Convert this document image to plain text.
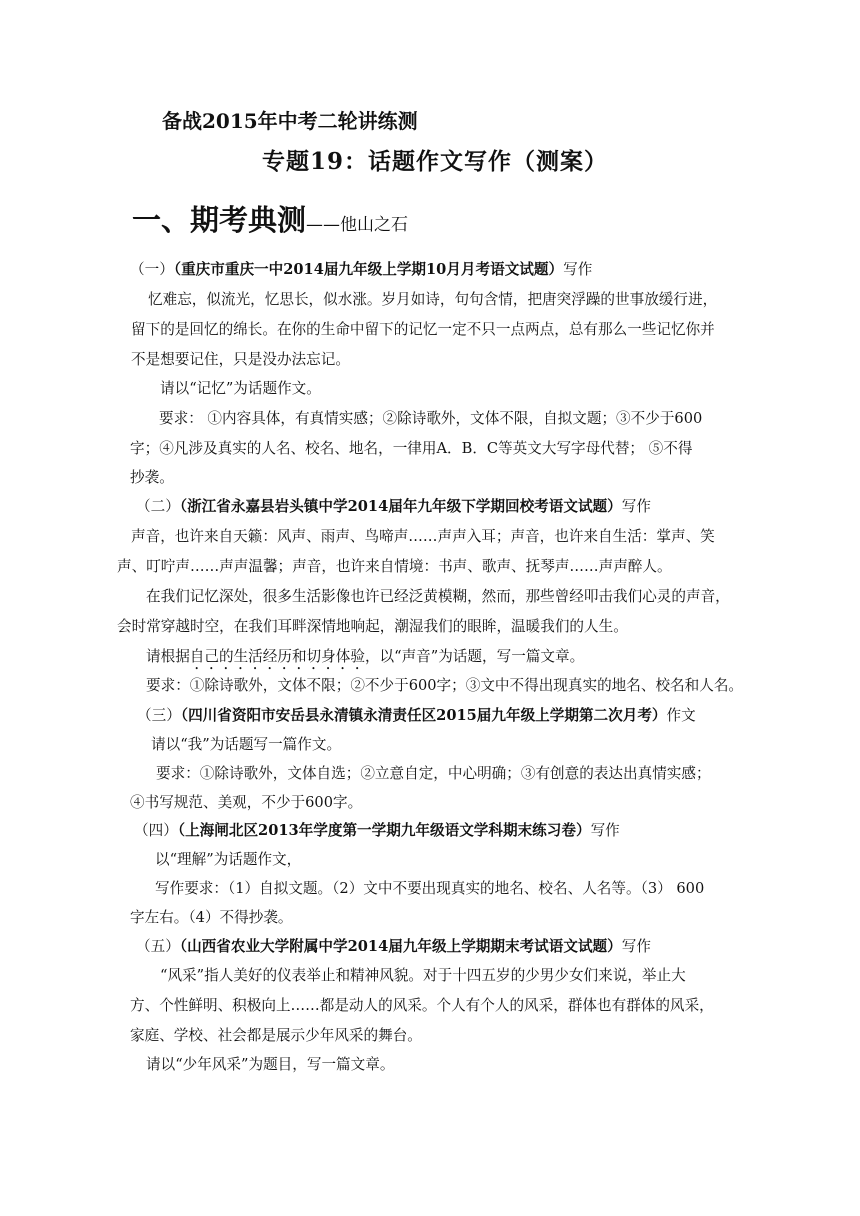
备战2015年中考二轮讲练测
专题19：话题作文写作（测案）
一、期考典测——他山之石
（一）（重庆市重庆一中2014届九年级上学期10月月考语文试题）写作
忆难忘，似流光，忆思长，似水涨。岁月如诗，句句含情，把唐突浮躁的世事放缓行进，
留下的是回忆的绵长。在你的生命中留下的记忆一定不只一点两点，总有那么一些记忆你并
不是想要记住，只是没办法忘记。
请以“记忆”为话题作文。
要求： ①内容具体，有真情实感；②除诗歌外，文体不限，自拟文题；③不少于600
字；④凡涉及真实的人名、校名、地名，一律用A．B．C等英文大写字母代替； ⑤不得
抄袭。
（二）（浙江省永嘉县岩头镇中学2014届年九年级下学期回校考语文试题）写作
声音，也许来自天籁：风声、雨声、鸟啼声……声声入耳；声音，也许来自生活：掌声、笑
声、叮咛声……声声温馨；声音，也许来自情境：书声、歌声、抚琴声……声声醉人。
在我们记忆深处，很多生活影像也许已经泛黄模糊，然而，那些曾经叩击我们心灵的声音，
会时常穿越时空，在我们耳畔深情地响起，潮湿我们的眼眸，温暖我们的人生。
请根据自己的生活经历和切身体验，以“声音”为话题，写一篇文章。
要求：①除诗歌外，文体不限；②不少于600字；③文中不得出现真实的地名、校名和人名。
（三）（四川省资阳市安岳县永清镇永清责任区2015届九年级上学期第二次月考）作文
请以“我”为话题写一篇作文。
要求：①除诗歌外，文体自选；②立意自定，中心明确；③有创意的表达出真情实感；
④书写规范、美观，不少于600字。
（四）（上海闸北区2013年学度第一学期九年级语文学科期末练习卷）写作
以“理解”为话题作文，
写作要求：（1）自拟文题。（2）文中不要出现真实的地名、校名、人名等。（3） 600
字左右。（4）不得抄袭。
（五）（山西省农业大学附属中学2014届九年级上学期期末考试语文试题）写作
“风采”指人美好的仪表举止和精神风貌。对于十四五岁的少男少女们来说，举止大
方、个性鲜明、积极向上……都是动人的风采。个人有个人的风采，群体也有群体的风采，
家庭、学校、社会都是展示少年风采的舞台。
请以“少年风采”为题目，写一篇文章。
